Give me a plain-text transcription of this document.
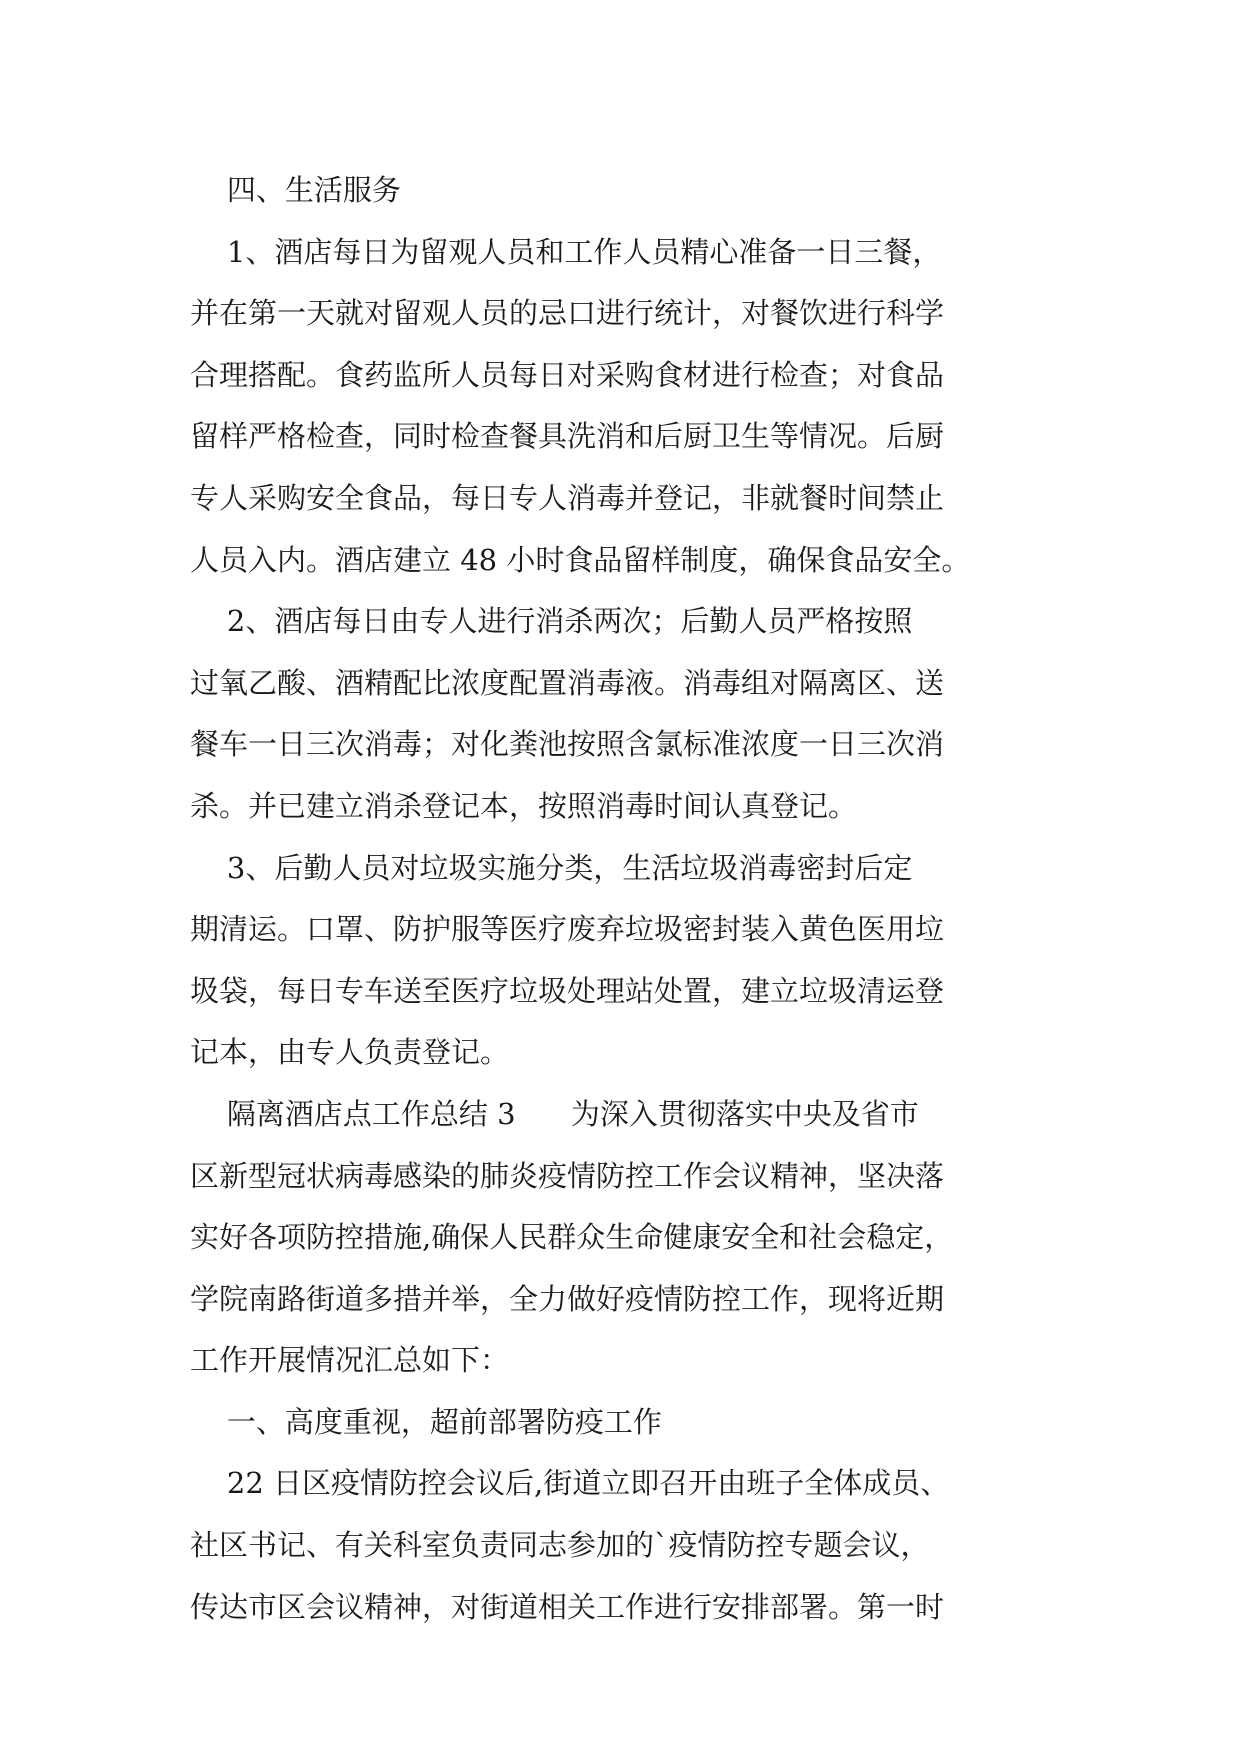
四、生活服务
1、酒店每日为留观人员和工作人员精心准备一日三餐，
并在第一天就对留观人员的忌口进行统计，对餐饮进行科学
合理搭配。食药监所人员每日对采购食材进行检查；对食品
留样严格检查，同时检查餐具洗消和后厨卫生等情况。后厨
专人采购安全食品，每日专人消毒并登记，非就餐时间禁止
人员入内。酒店建立 48 小时食品留样制度，确保食品安全。
2、酒店每日由专人进行消杀两次；后勤人员严格按照
过氧乙酸、酒精配比浓度配置消毒液。消毒组对隔离区、送
餐车一日三次消毒；对化粪池按照含氯标准浓度一日三次消
杀。并已建立消杀登记本，按照消毒时间认真登记。
3、后勤人员对垃圾实施分类，生活垃圾消毒密封后定
期清运。口罩、防护服等医疗废弃垃圾密封装入黄色医用垃
圾袋，每日专车送至医疗垃圾处理站处置，建立垃圾清运登
记本，由专人负责登记。
隔离酒店点工作总结 3      为深入贯彻落实中央及省市
区新型冠状病毒感染的肺炎疫情防控工作会议精神，坚决落
实好各项防控措施,确保人民群众生命健康安全和社会稳定，
学院南路街道多措并举，全力做好疫情防控工作，现将近期
工作开展情况汇总如下：
一、高度重视，超前部署防疫工作
22 日区疫情防控会议后,街道立即召开由班子全体成员、
社区书记、有关科室负责同志参加的`疫情防控专题会议，
传达市区会议精神，对街道相关工作进行安排部署。第一时
